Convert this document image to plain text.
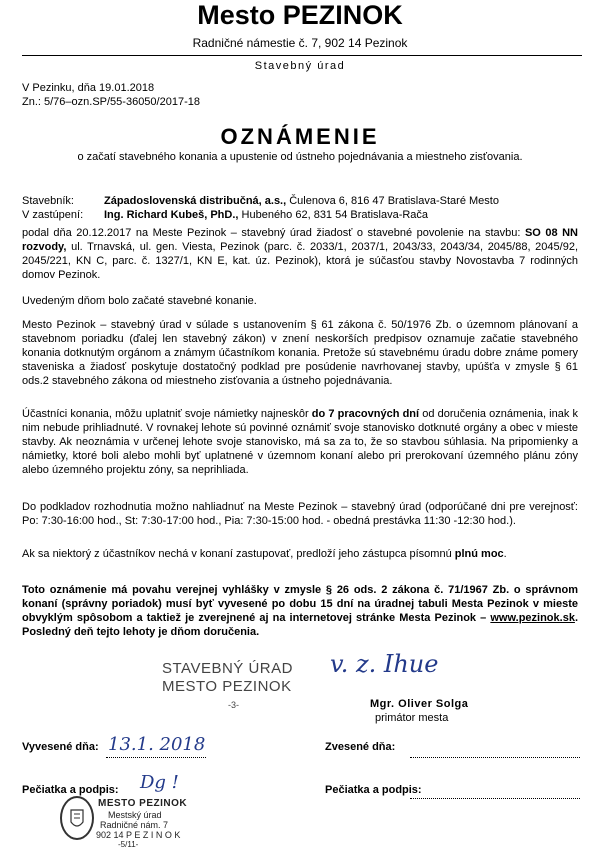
Mesto PEZINOK
Radničné námestie č. 7, 902 14 Pezinok
Stavebný úrad
V Pezinku, dňa 19.01.2018
Zn.: 5/76–ozn.SP/55-36050/2017-18
OZNÁMENIE
o začatí stavebného konania a upustenie od ústneho pojednávania a miestneho zisťovania.
Stavebník:	Západoslovenská distribučná, a.s., Čulenova 6, 816 47 Bratislava-Staré Mesto
V zastúpení: Ing. Richard Kubeš, PhD., Hubeného 62, 831 54 Bratislava-Rača
podal dňa 20.12.2017 na Meste Pezinok – stavebný úrad žiadosť o stavebné povolenie na stavbu: SO 08 NN rozvody, ul. Trnavská, ul. gen. Viesta, Pezinok (parc. č. 2033/1, 2037/1, 2043/33, 2043/34, 2045/88, 2045/92, 2045/221, KN C, parc. č. 1327/1, KN E, kat. úz. Pezinok), ktorá je súčasťou stavby Novostavba 7 rodinných domov Pezinok.
Uvedeným dňom bolo začaté stavebné konanie.
Mesto Pezinok – stavebný úrad v súlade s ustanovením § 61 zákona č. 50/1976 Zb. o územnom plánovaní a stavebnom poriadku (ďalej len stavebný zákon) v znení neskorších predpisov oznamuje začatie stavebného konania dotknutým orgánom a známym účastníkom konania. Pretože sú stavebnému úradu dobre známe pomery staveniska a žiadosť poskytuje dostatočný podklad pre posúdenie navrhovanej stavby, upúšťa v zmysle § 61 ods.2 stavebného zákona od miestneho zisťovania a ústneho pojednávania.
Účastníci konania, môžu uplatniť svoje námietky najneskôr do 7 pracovných dní od doručenia oznámenia, inak k nim nebude prihliadnuté. V rovnakej lehote sú povinné oznámiť svoje stanovisko dotknuté orgány a obec v mieste stavby. Ak neoznámia v určenej lehote svoje stanovisko, má sa za to, že so stavbou súhlasia. Na pripomienky a námietky, ktoré boli alebo mohli byť uplatnené v územnom konaní alebo pri prerokovaní územného plánu zóny alebo územného projektu zóny, sa neprihliada.
Do podkladov rozhodnutia možno nahliadnuť na Meste Pezinok – stavebný úrad (odporúčané dni pre verejnosť: Po: 7:30-16:00 hod., St: 7:30-17:00 hod., Pia: 7:30-15:00 hod. - obedná prestávka 11:30 -12:30 hod.).
Ak sa niektorý z účastníkov nechá v konaní zastupovať, predloží jeho zástupca písomnú plnú moc.
Toto oznámenie má povahu verejnej vyhlášky v zmysle § 26 ods. 2 zákona č. 71/1967 Zb. o správnom konaní (správny poriadok) musí byť vyvesené po dobu 15 dní na úradnej tabuli Mesta Pezinok v mieste obvyklým spôsobom a taktiež je zverejnené aj na internetovej stránke Mesta Pezinok – www.pezinok.sk. Posledný deň tejto lehoty je dňom doručenia.
STAVEBNÝ ÚRAD
MESTO PEZINOK
-3-
v. z. Ihue
Mgr. Oliver Solga
primátor mesta
Vyvesené dňa: 13.1. 2018	Zvesené dňa:
Pečiatka a podpis: Dg !	Pečiatka a podpis:
MESTO PEZINOK
Mestský úrad
Radničné nám. 7
902 14 P E Z I N O K
-5/11-
